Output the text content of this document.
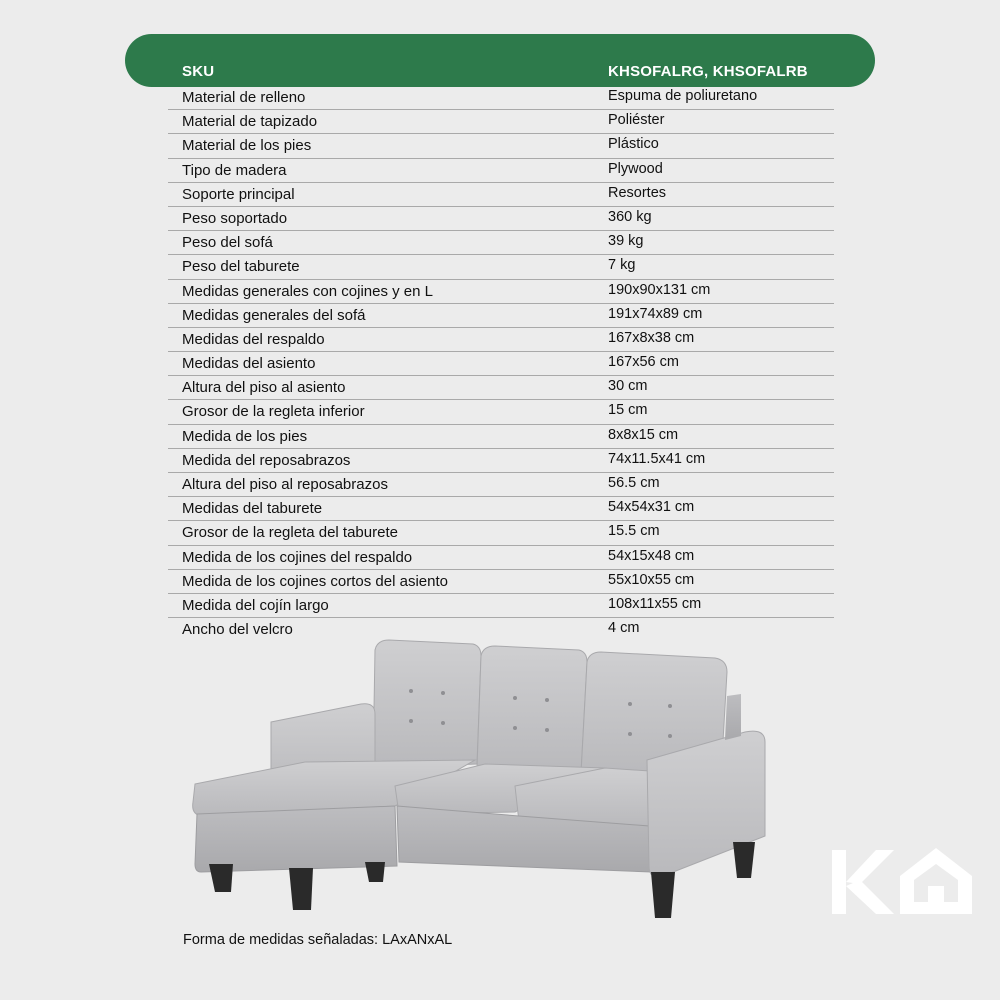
SKU	KHSOFALRG, KHSOFALRB
Material de relleno	Espuma de poliuretano
Material de tapizado	Poliéster
Material de los pies	Plástico
Tipo de madera	Plywood
Soporte principal	Resortes
Peso soportado	360 kg
Peso del sofá	39 kg
Peso del taburete	7 kg
Medidas generales con cojines y en L	190x90x131 cm
Medidas generales del sofá	191x74x89 cm
Medidas del respaldo	167x8x38 cm
Medidas del asiento	167x56 cm
Altura del piso al asiento	30 cm
Grosor de la regleta inferior	15 cm
Medida de los pies	8x8x15 cm
Medida del reposabrazos	74x11.5x41 cm
Altura del piso al reposabrazos	56.5 cm
Medidas del taburete	54x54x31 cm
Grosor de la regleta del taburete	15.5 cm
Medida de los cojines del respaldo	54x15x48 cm
Medida de los cojines cortos del asiento	55x10x55 cm
Medida del cojín largo	108x11x55 cm
Ancho del velcro	4 cm
Forma de medidas señaladas: LAxANxAL
